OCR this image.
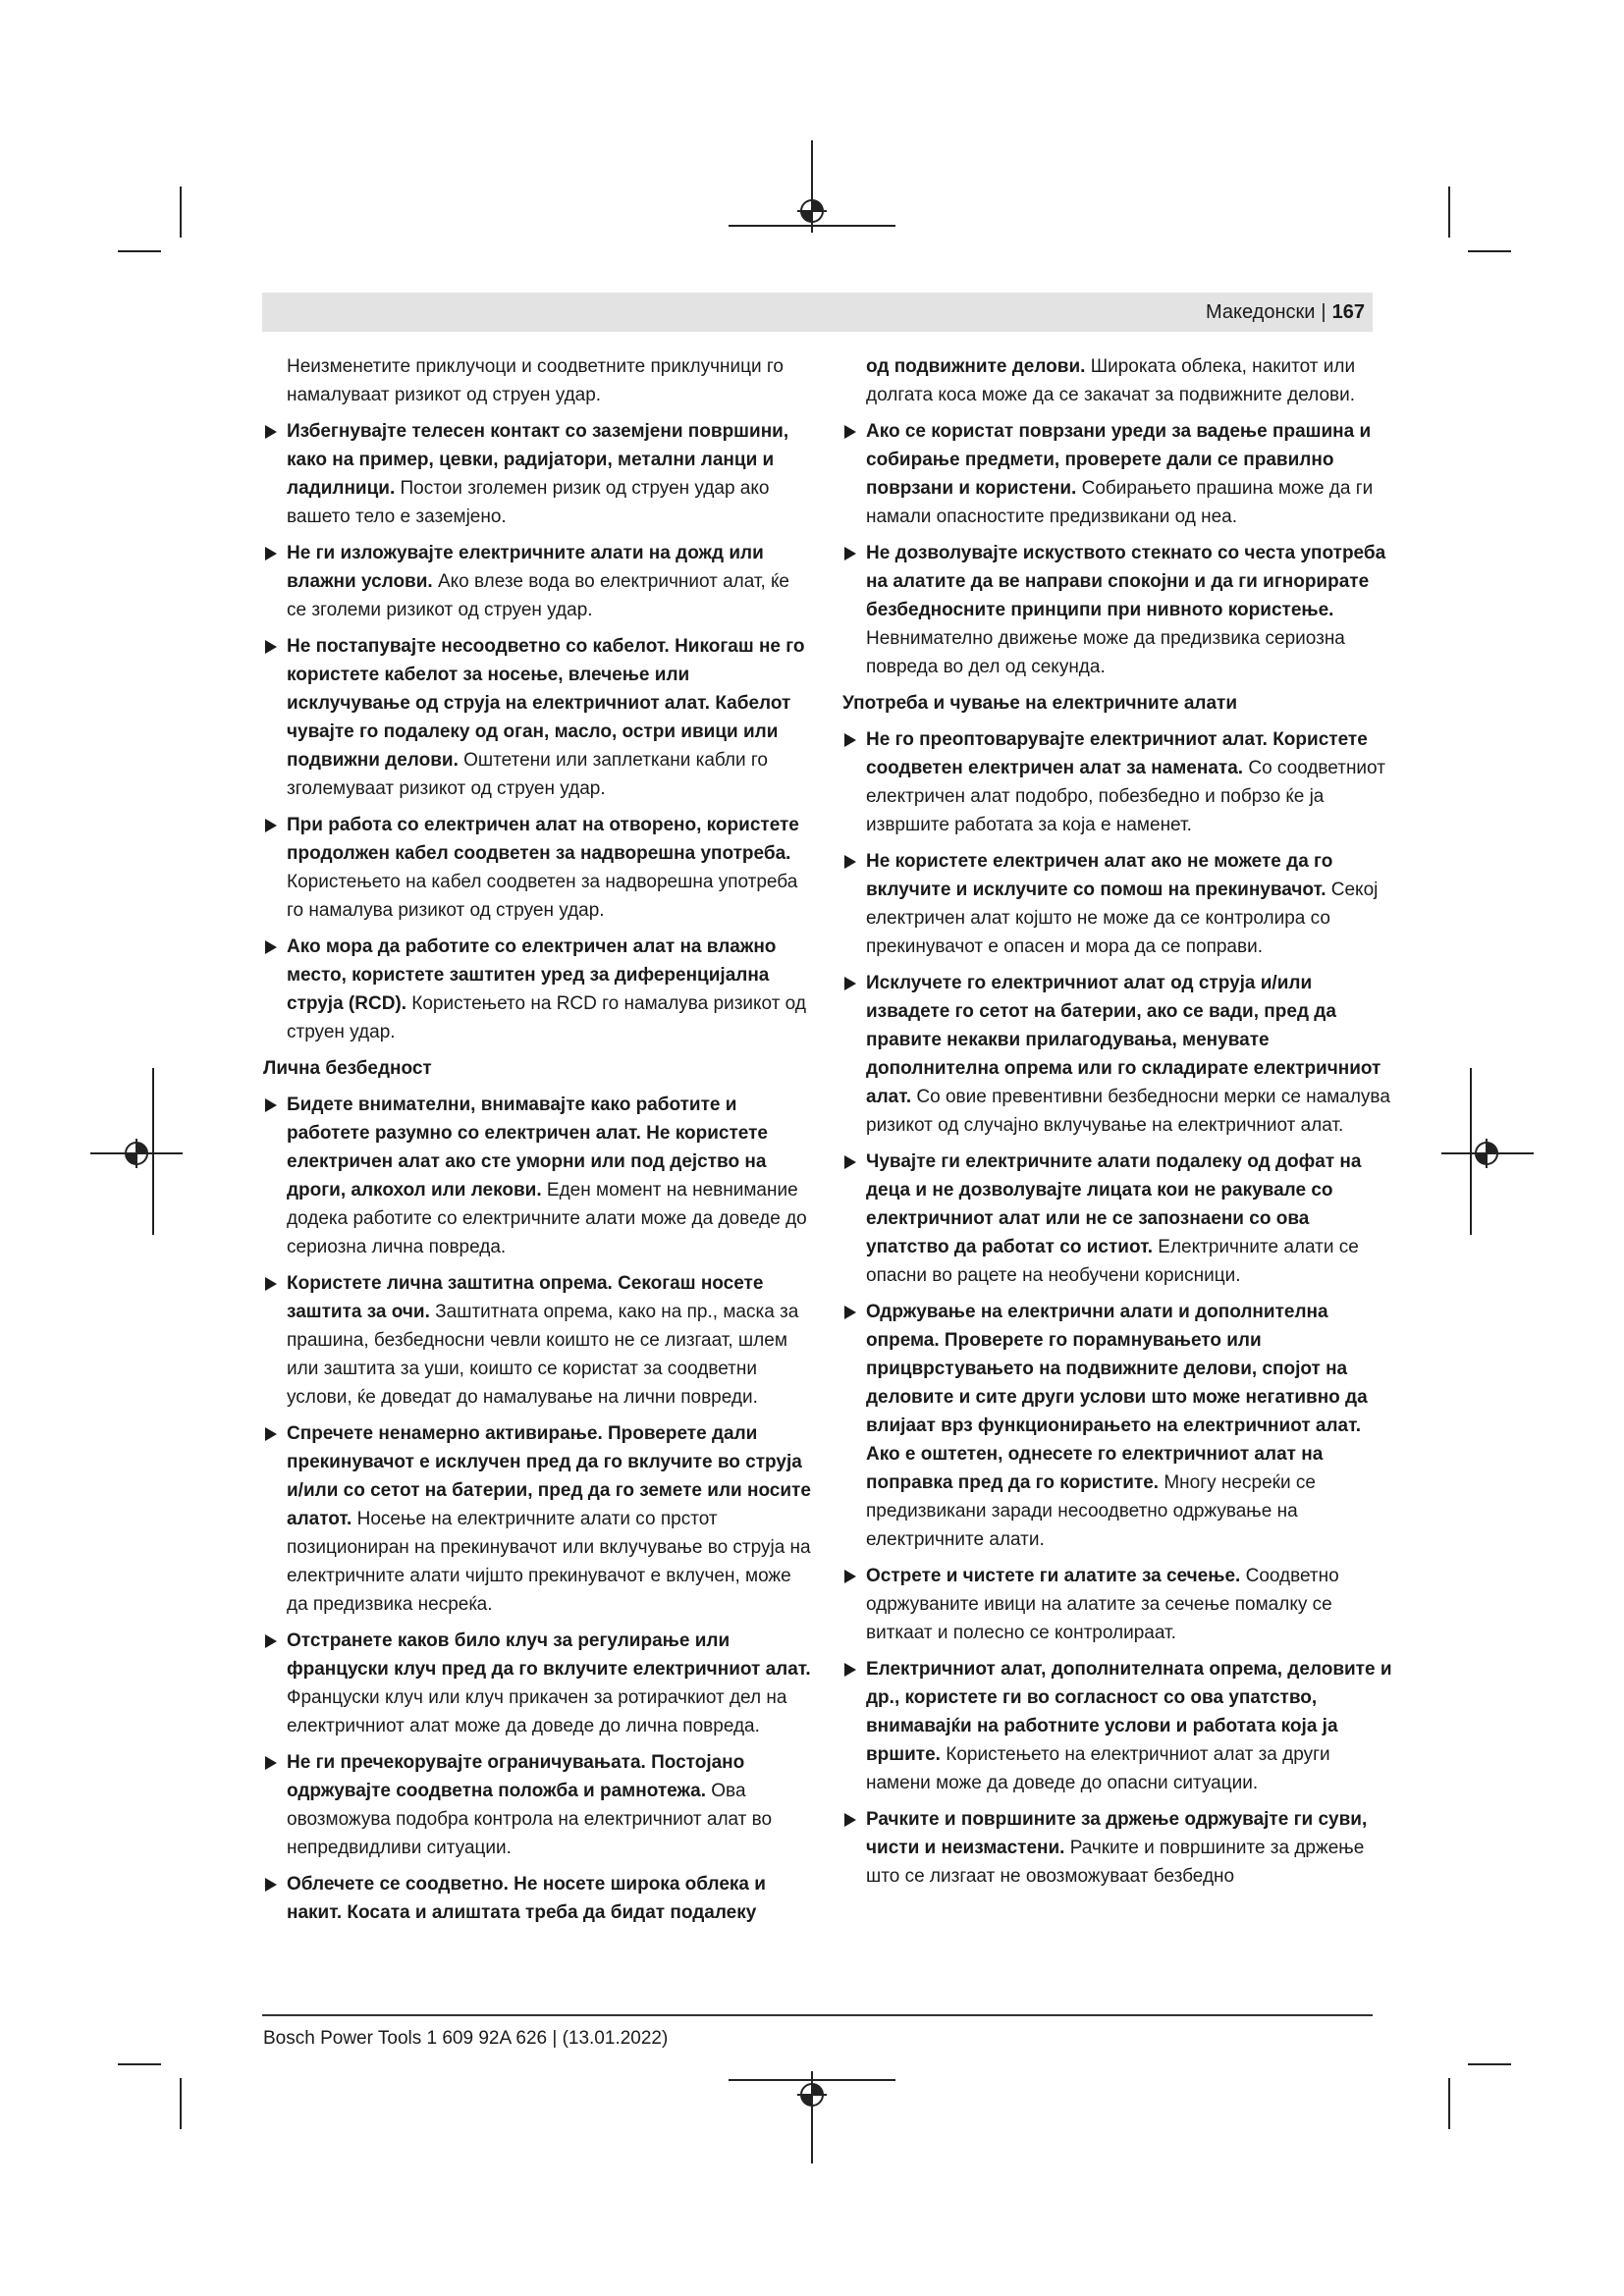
Македонски | 167

Неизменетите приклучоци и соодветните приклучници го намалуваат ризикот од струен удар.

Избегнувајте телесен контакт со заземјени површини, како на пример, цевки, радијатори, метални ланци и ладилници. Постои зголемен ризик од струен удар ако вашето тело е заземјено.
Не ги изложувајте електричните алати на дожд или влажни услови. Ако влезе вода во електричниот алат, ќе се зголеми ризикот од струен удар.
Не постапувајте несоодветно со кабелот. Никогаш не го користете кабелот за носење, влечење или исклучување од струја на електричниот алат. Кабелот чувајте го подалеку од оган, масло, остри ивици или подвижни делови. Оштетени или заплеткани кабли го зголемуваат ризикот од струен удар.
При работа со електричен алат на отворено, користете продолжен кабел соодветен за надворешна употреба. Користењето на кабел соодветен за надворешна употреба го намалува ризикот од струен удар.
Ако мора да работите со електричен алат на влажно место, користете заштитен уред за диференцијална струја (RCD). Користењето на RCD го намалува ризикот од струен удар.
Лична безбедност
Бидете внимателни, внимавајте како работите и работете разумно со електричен алат. Не користете електричен алат ако сте уморни или под дејство на дроги, алкохол или лекови. Еден момент на невнимание додека работите со електричните алати може да доведе до сериозна лична повреда.
Користете лична заштитна опрема. Секогаш носете заштита за очи. Заштитната опрема, како на пр., маска за прашина, безбедносни чевли коишто не се лизгаат, шлем или заштита за уши, коишто се користат за соодветни услови, ќе доведат до намалување на лични повреди.
Спречете ненамерно активирање. Проверете дали прекинувачот е исклучен пред да го вклучите во струја и/или со сетот на батерии, пред да го земете или носите алатот. Носење на електричните алати со прстот позициониран на прекинувачот или вклучување во струја на електричните алати чијшто прекинувачот е вклучен, може да предизвика несреќа.
Отстранете каков било клуч за регулирање или француски клуч пред да го вклучите електричниот алат. Француски клуч или клуч прикачен за ротирачкиот дел на електричниот алат може да доведе до лична повреда.
Не ги пречекорувајте ограничувањата. Постојано одржувајте соодветна положба и рамнотежа. Ова овозможува подобра контрола на електричниот алат во непредвидливи ситуации.
Облечете се соодветно. Не носете широка облека и накит. Косата и алиштата треба да бидат подалеку

од подвижните делови. Широката облека, накитот или долгата коса може да се закачат за подвижните делови.

Ако се користат поврзани уреди за вадење прашина и собирање предмети, проверете дали се правилно поврзани и користени. Собирањето прашина може да ги намали опасностите предизвикани од неа.
Не дозволувајте искуството стекнато со честа употреба на алатите да ве направи спокојни и да ги игнорирате безбедносните принципи при нивното користење. Невнимателно движење може да предизвика сериозна повреда во дел од секунда.
Употреба и чување на електричните алати
Не го преоптоварувајте електричниот алат. Користете соодветен електричен алат за намената. Со соодветниот електричен алат подобро, побезбедно и побрзо ќе ја извршите работата за која е наменет.
Не користете електричен алат ако не можете да го вклучите и исклучите со помош на прекинувачот. Секој електричен алат којшто не може да се контролира со прекинувачот е опасен и мора да се поправи.
Исклучете го електричниот алат од струја и/или извадете го сетот на батерии, ако се вади, пред да правите некакви прилагодувања, менувате дополнителна опрема или го складирате електричниот алат. Со овие превентивни безбедносни мерки се намалува ризикот од случајно вклучување на електричниот алат.
Чувајте ги електричните алати подалеку од дофат на деца и не дозволувајте лицата кои не ракувале со електричниот алат или не се запознаени со ова упатство да работат со истиот. Електричните алати се опасни во рацете на необучени корисници.
Одржување на електрични алати и дополнителна опрема. Проверете го порамнувањето или прицврстувањето на подвижните делови, спојот на деловите и сите други услови што може негативно да влијаат врз функционирањето на електричниот алат. Ако е оштетен, однесете го електричниот алат на поправка пред да го користите. Многу несреќи се предизвикани заради несоодветно одржување на електричните алати.
Острете и чистете ги алатите за сечење. Соодветно одржуваните ивици на алатите за сечење помалку се виткаат и полесно се контролираат.
Електричниот алат, дополнителната опрема, деловите и др., користете ги во согласност со ова упатство, внимавајќи на работните услови и работата која ја вршите. Користењето на електричниот алат за други намени може да доведе до опасни ситуации.
Рачките и површините за држење одржувајте ги суви, чисти и неизмастени. Рачките и површините за држење што се лизгаат не овозможуваат безбедно
Bosch Power Tools 1 609 92A 626 | (13.01.2022)
